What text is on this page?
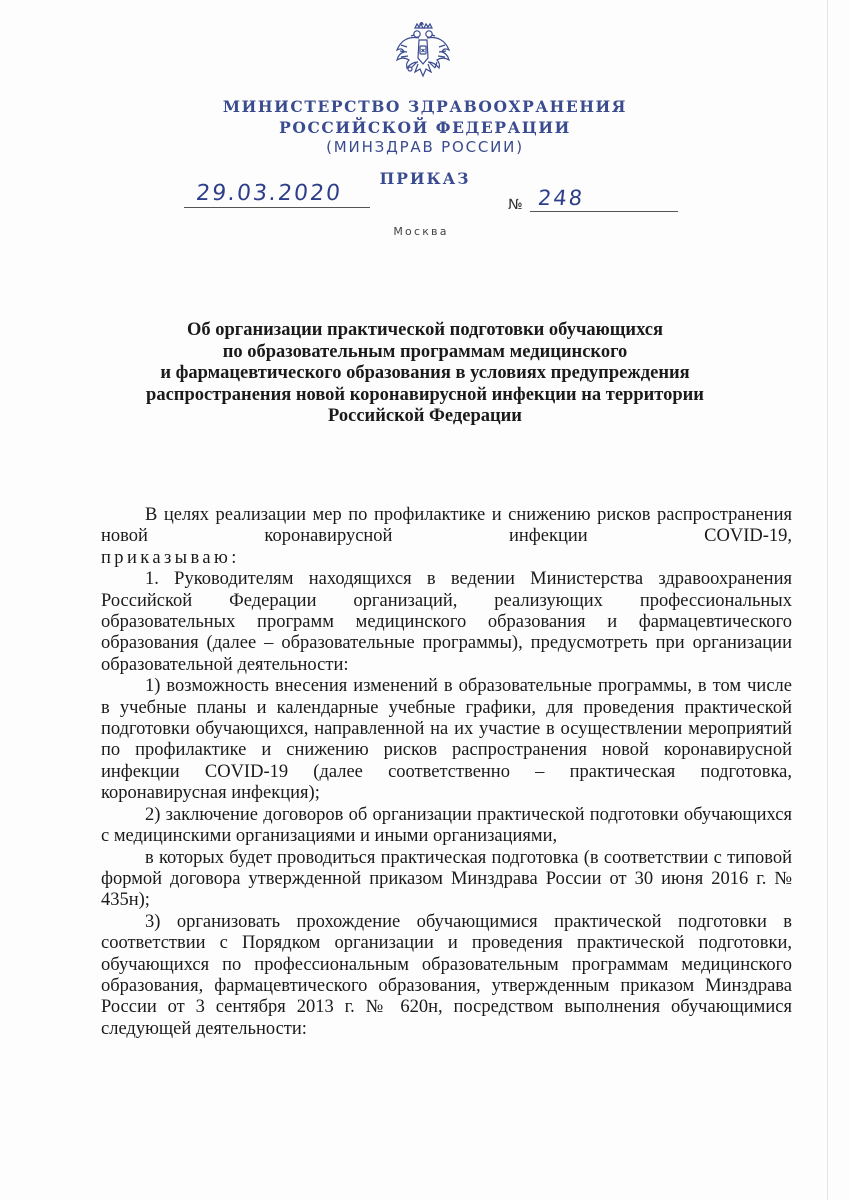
МИНИСТЕРСТВО ЗДРАВООХРАНЕНИЯ
РОССИЙСКОЙ ФЕДЕРАЦИИ
(МИНЗДРАВ РОССИИ)
ПРИКАЗ
29.03.2020	№ 248
Москва
Об организации практической подготовки обучающихся
по образовательным программам медицинского
и фармацевтического образования в условиях предупреждения
распространения новой коронавирусной инфекции на территории
Российской Федерации

В целях реализации мер по профилактике и снижению рисков распространения новой коронавирусной инфекции COVID-19,

приказываю:

1. Руководителям находящихся в ведении Министерства здравоохранения Российской Федерации организаций, реализующих профессиональных образовательных программ медицинского образования и фармацевтического образования (далее – образовательные программы), предусмотреть при организации образовательной деятельности:

1) возможность внесения изменений в образовательные программы, в том числе в учебные планы и календарные учебные графики, для проведения практической подготовки обучающихся, направленной на их участие в осуществлении мероприятий по профилактике и снижению рисков распространения новой коронавирусной инфекции COVID-19 (далее соответственно – практическая подготовка, коронавирусная инфекция);

2) заключение договоров об организации практической подготовки обучающихся с медицинскими организациями и иными организациями,

в которых будет проводиться практическая подготовка (в соответствии с типовой формой договора утвержденной приказом Минздрава России от 30 июня 2016 г. № 435н);

3) организовать прохождение обучающимися практической подготовки в соответствии с Порядком организации и проведения практической подготовки, обучающихся по профессиональным образовательным программам медицинского образования, фармацевтического образования, утвержденным приказом Минздрава России от 3 сентября 2013 г. № 620н, посредством выполнения обучающимися следующей деятельности:
